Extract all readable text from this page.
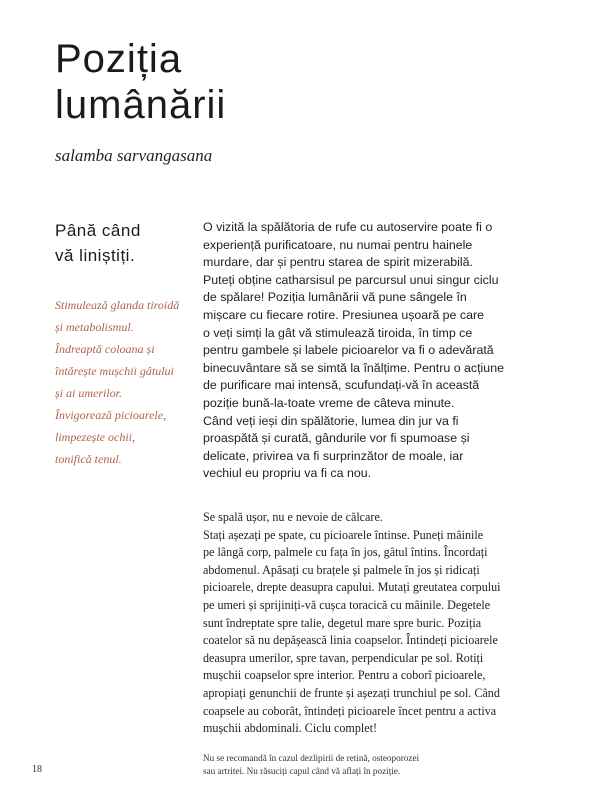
Poziția
lumânării

salamba sarvangasana

Până când
vă liniștiți.
Stimulează glanda tiroidă
și metabolismul.
Îndreaptă coloana și
întărește mușchii gâtului
și ai umerilor.
Învigorează picioarele,
limpezește ochii,
tonifică tenul.

O vizită la spălătoria de rufe cu autoservire poate fi o

experiență purificatoare, nu numai pentru hainele

murdare, dar și pentru starea de spirit mizerabilă.

Puteți obține catharsisul pe parcursul unui singur ciclu

de spălare! Poziția lumânării vă pune sângele în

mișcare cu fiecare rotire. Presiunea ușoară pe care

o veți simți la gât vă stimulează tiroida, în timp ce

pentru gambele și labele picioarelor va fi o adevărată

binecuvântare să se simtă la înălțime. Pentru o acțiune

de purificare mai intensă, scufundați-vă în această

poziție bună-la-toate vreme de câteva minute.

Când veți ieși din spălătorie, lumea din jur va fi

proaspătă și curată, gândurile vor fi spumoase și

delicate, privirea va fi surprinzător de moale, iar

vechiul eu propriu va fi ca nou.

Se spală ușor, nu e nevoie de călcare.

Stați așezați pe spate, cu picioarele întinse. Puneți mâinile

pe lângă corp, palmele cu fața în jos, gâtul întins. Încordați

abdomenul. Apăsați cu brațele și palmele în jos și ridicați

picioarele, drepte deasupra capului. Mutați greutatea corpului

pe umeri și sprijiniți-vă cușca toracică cu mâinile. Degetele

sunt îndreptate spre talie, degetul mare spre buric. Poziția

coatelor să nu depășească linia coapselor. Întindeți picioarele

deasupra umerilor, spre tavan, perpendicular pe sol. Rotiți

mușchii coapselor spre interior. Pentru a coborî picioarele,

apropiați genunchii de frunte și așezați trunchiul pe sol. Când

coapsele au coborât, întindeți picioarele încet pentru a activa

mușchii abdominali. Ciclu complet!

Nu se recomandă în cazul dezlipirii de retină, osteoporozei

sau artritei. Nu răsuciți capul când vă aflați în poziție.

18
